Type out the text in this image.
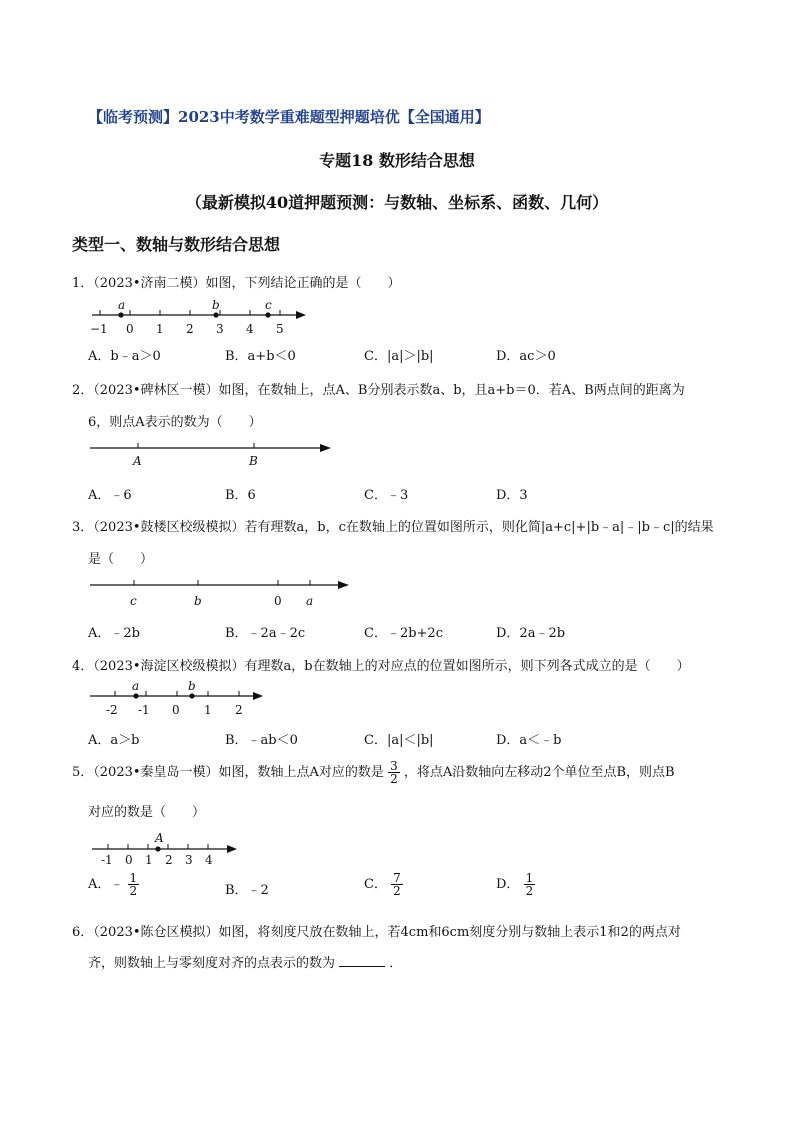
【临考预测】2023中考数学重难题型押题培优【全国通用】
专题18 数形结合思想
（最新模拟40道押题预测：与数轴、坐标系、函数、几何）
类型一、数轴与数形结合思想
1．（2023•济南二模）如图，下列结论正确的是（　　）
a	b	c
−1 0 1 2 3 4 5
A．b﹣a＞0	B．a+b＜0	C．|a|＞|b|	D．ac＞0
2．（2023•碑林区一模）如图，在数轴上，点A、B分别表示数a、b，且a+b＝0．若A、B两点间的距离为
6，则点A表示的数为（　　）
A	B
A．﹣6	B．6	C．﹣3	D．3
3．（2023•鼓楼区校级模拟）若有理数a，b，c在数轴上的位置如图所示，则化简|a+c|+|b﹣a|﹣|b﹣c|的结果
是（　　）
c	b	0 a
A．﹣2b	B．﹣2a﹣2c	C．﹣2b+2c	D．2a﹣2b
4．（2023•海淀区校级模拟）有理数a，b在数轴上的对应点的位置如图所示，则下列各式成立的是（　　）
a	b
-2 -1 0 1 2
A．a＞b	B．﹣ab＜0	C．|a|＜|b|	D．a＜﹣b
5．（2023•秦皇岛一模）如图，数轴上点A对应的数是 $\frac{3}{2}$ ，将点A沿数轴向左移动2个单位至点B，则点B
对应的数是（　　）
A
-1 0 1 2 3 4
A．﹣ $\frac{1}{2}$	B．﹣2	C． $\frac{7}{2}$	D． $\frac{1}{2}$
6．（2023•陈仓区模拟）如图，将刻度尺放在数轴上，若4cm和6cm刻度分别与数轴上表示1和2的两点对
齐，则数轴上与零刻度对齐的点表示的数为	．
